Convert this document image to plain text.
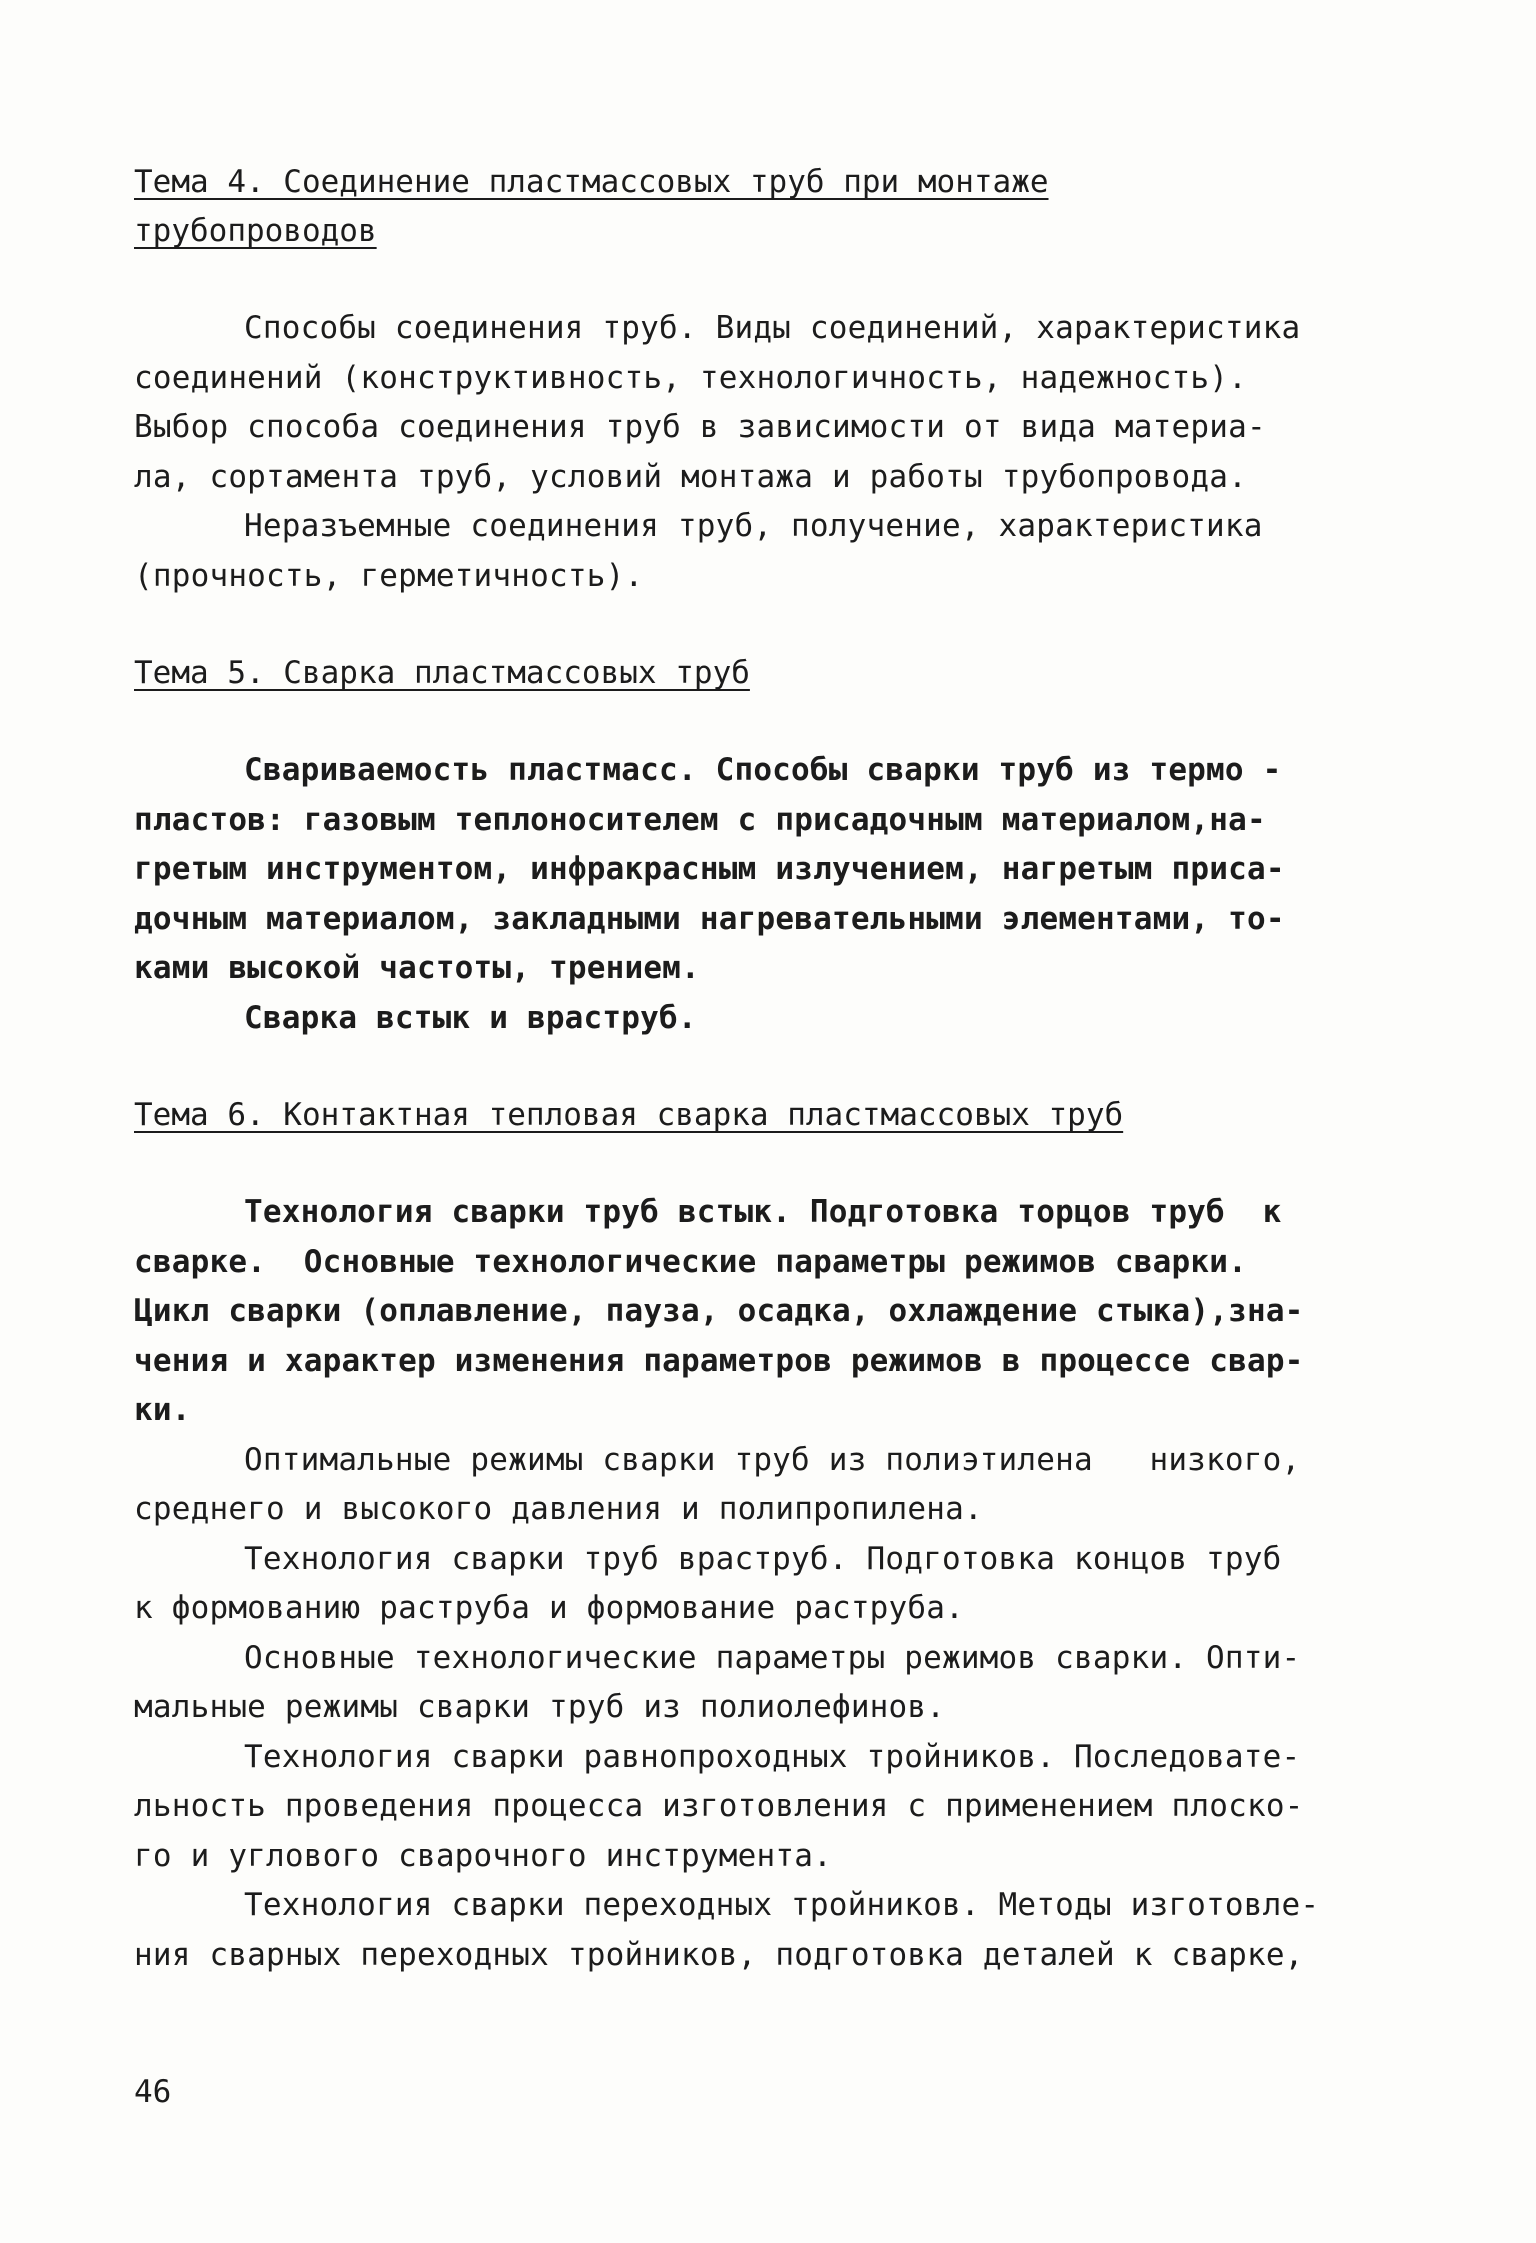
Тема 4. Соединение пластмассовых труб при монтаже
трубопроводов

Способы соединения труб. Виды соединений, характеристика

соединений (конструктивность, технологичность, надежность).

Выбор способа соединения труб в зависимости от вида материа-

ла, сортамента труб, условий монтажа и работы трубопровода.

Неразъемные соединения труб, получение, характеристика

(прочность, герметичность).

Тема 5. Сварка пластмассовых труб

Свариваемость пластмасс. Способы сварки труб из термо -

пластов: газовым теплоносителем с присадочным материалом,на-

гретым инструментом, инфракрасным излучением, нагретым приса-

дочным материалом, закладными нагревательными элементами, то-

ками высокой частоты, трением.

Сварка встык и враструб.

Тема 6. Контактная тепловая сварка пластмассовых труб

Технология сварки труб встык. Подготовка торцов труб  к

сварке.  Основные технологические параметры режимов сварки.

Цикл сварки (оплавление, пауза, осадка, охлаждение стыка),зна-

чения и характер изменения параметров режимов в процессе свар-

ки.

Оптимальные режимы сварки труб из полиэтилена   низкого,

среднего и высокого давления и полипропилена.

Технология сварки труб враструб. Подготовка концов труб

к формованию раструба и формование раструба.

Основные технологические параметры режимов сварки. Опти-

мальные режимы сварки труб из полиолефинов.

Технология сварки равнопроходных тройников. Последовате-

льность проведения процесса изготовления с применением плоско-

го и углового сварочного инструмента.

Технология сварки переходных тройников. Методы изготовле-

ния сварных переходных тройников, подготовка деталей к сварке,

46
